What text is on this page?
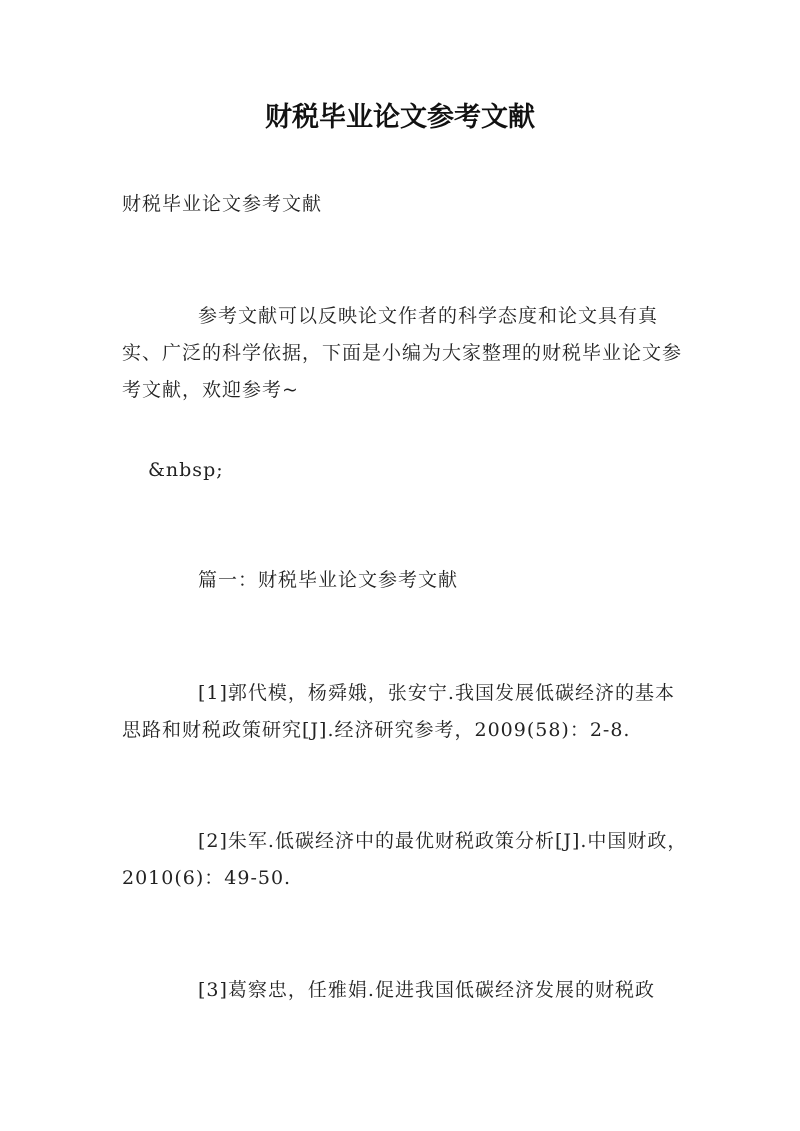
财税毕业论文参考文献

财税毕业论文参考文献

参考文献可以反映论文作者的科学态度和论文具有真实、广泛的科学依据，下面是小编为大家整理的财税毕业论文参考文献，欢迎参考~

&nbsp;

篇一：财税毕业论文参考文献

[1]郭代模，杨舜娥，张安宁.我国发展低碳经济的基本思路和财税政策研究[J].经济研究参考，2009(58)：2-8.

[2]朱军.低碳经济中的最优财税政策分析[J].中国财政，2010(6)：49-50.

[3]葛察忠，任雅娟.促进我国低碳经济发展的财税政
